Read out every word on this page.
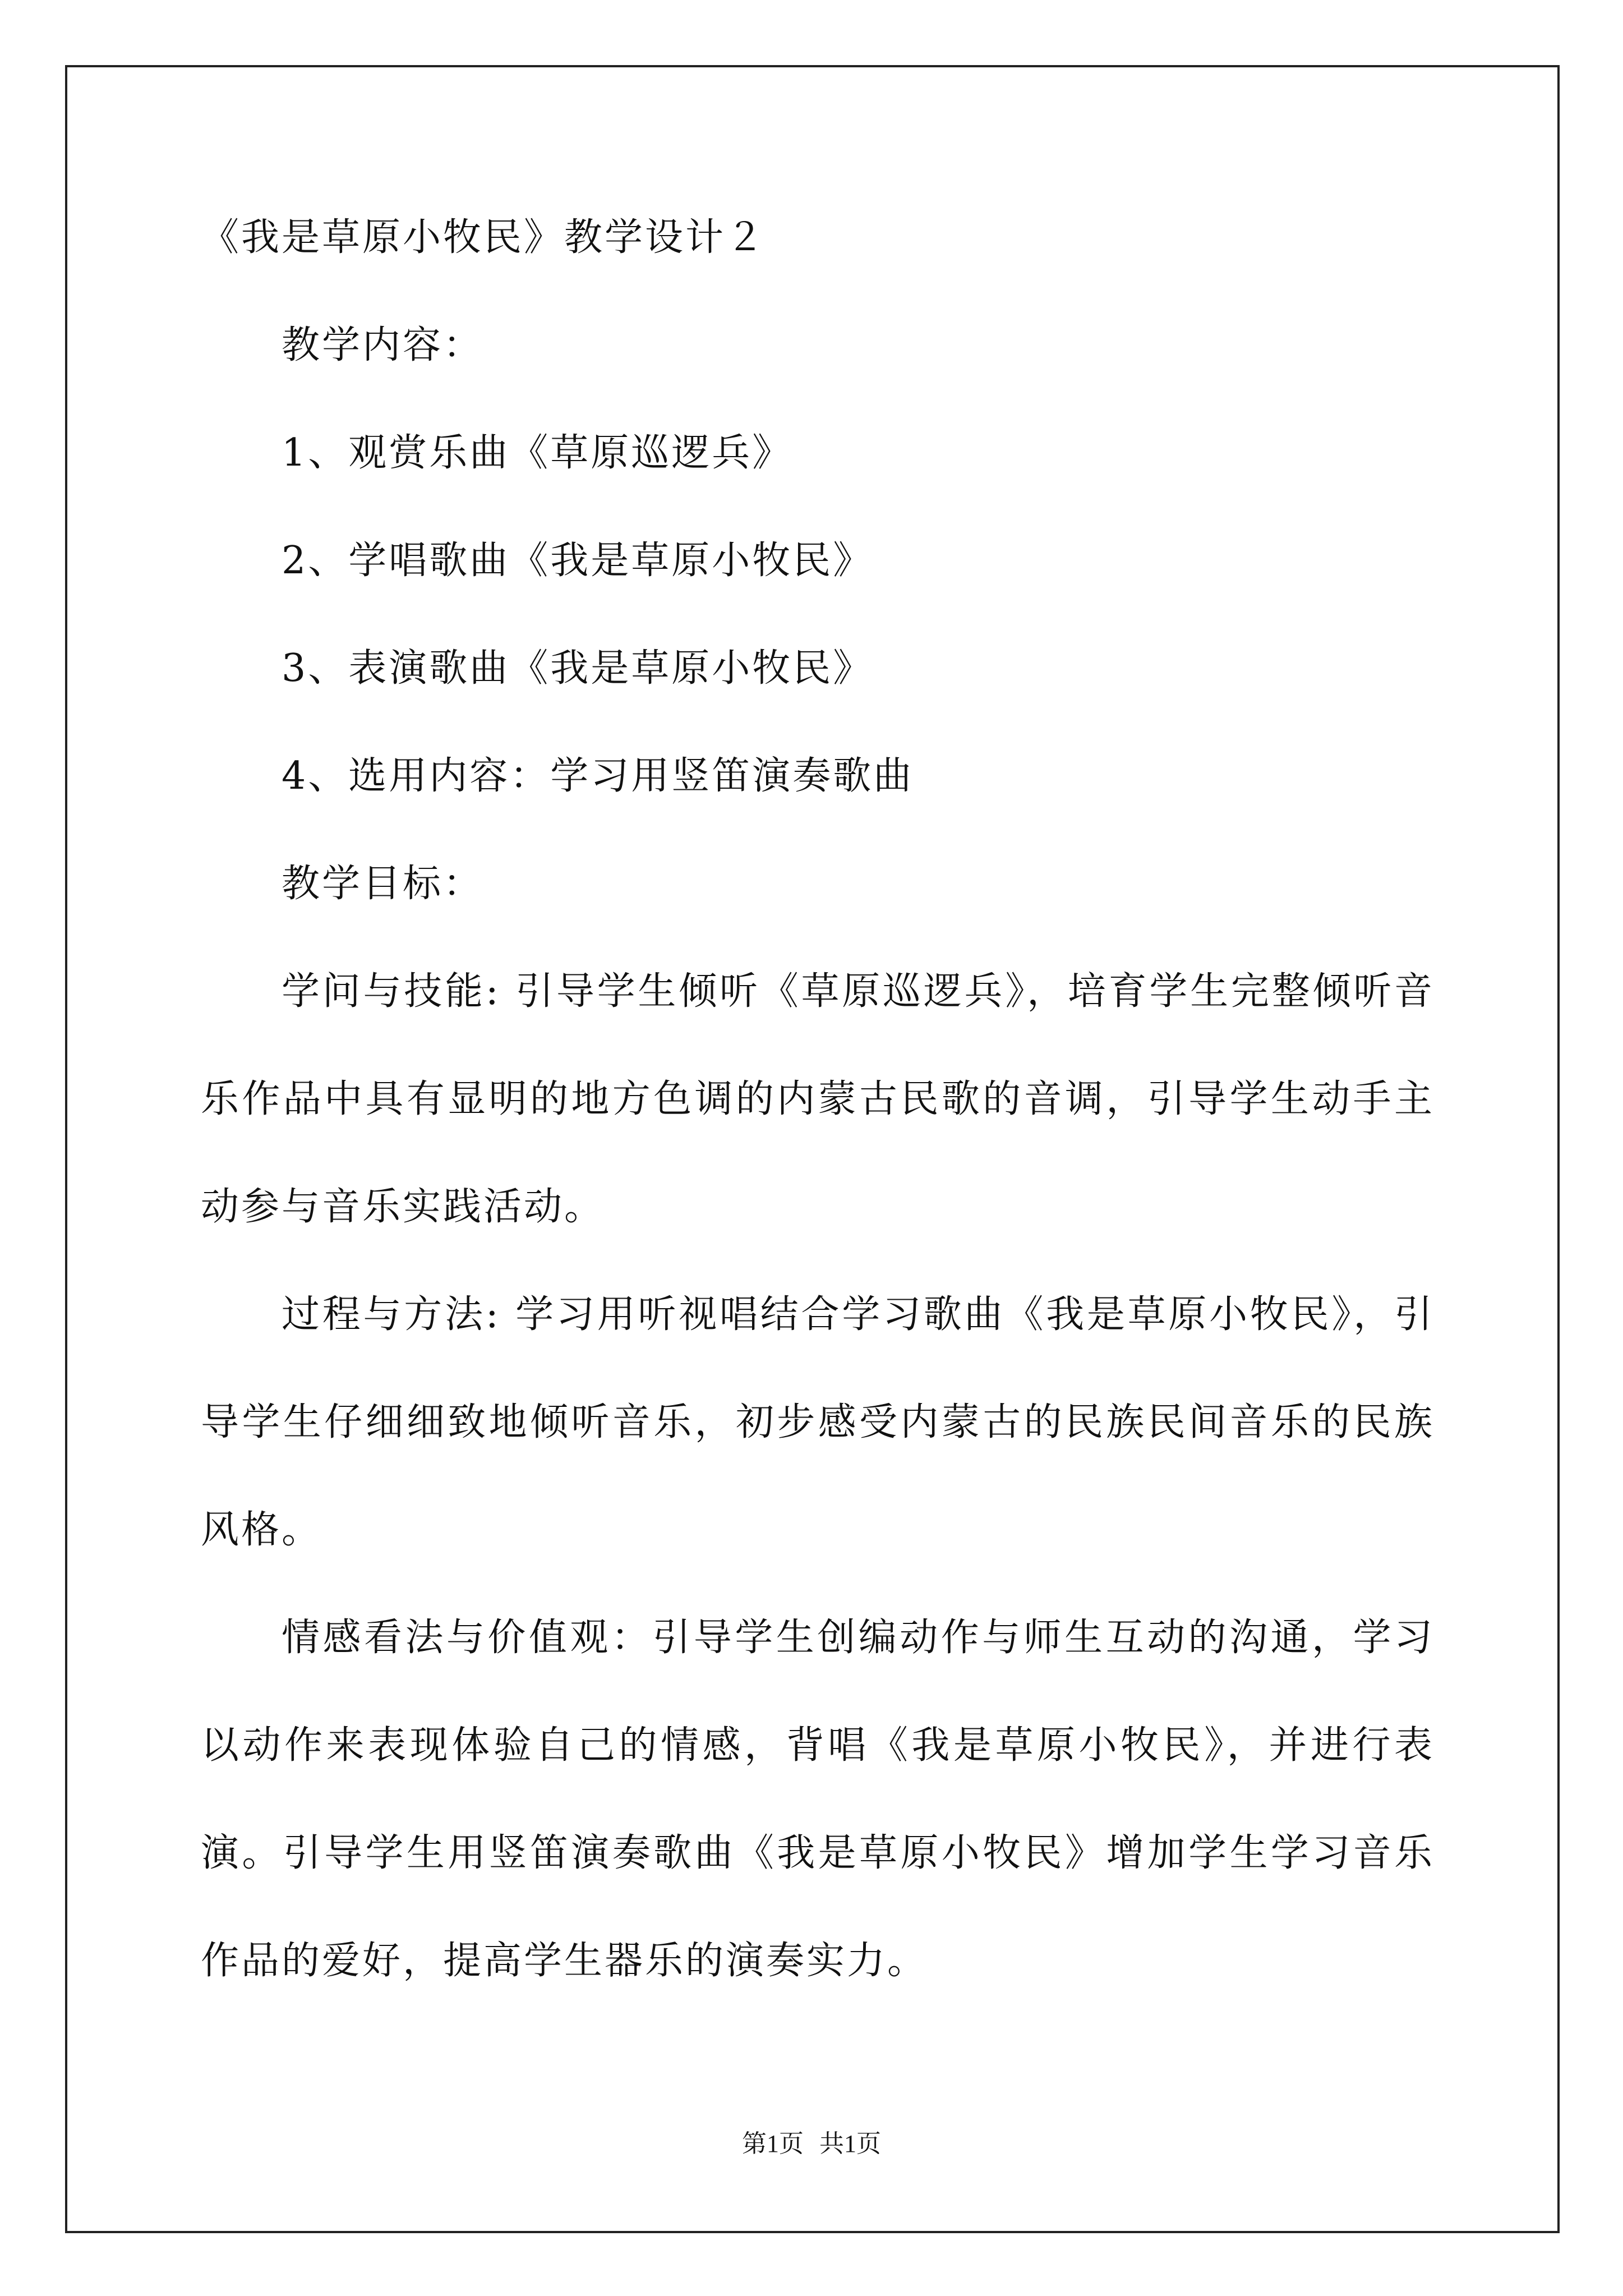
《我是草原小牧民》教学设计２

教学内容：

1、观赏乐曲《草原巡逻兵》

2、学唱歌曲《我是草原小牧民》

3、表演歌曲《我是草原小牧民》

4、选用内容：学习用竖笛演奏歌曲

教学目标：

学问与技能: 引导学生倾听《草原巡逻兵》，培育学生完整倾听音乐作品中具有显明的地方色调的内蒙古民歌的音调，引导学生动手主动参与音乐实践活动。

过程与方法: 学习用听视唱结合学习歌曲《我是草原小牧民》，引导学生仔细细致地倾听音乐，初步感受内蒙古的民族民间音乐的民族风格。

情感看法与价值观：引导学生创编动作与师生互动的沟通，学习以动作来表现体验自己的情感，背唱《我是草原小牧民》，并进行表演。引导学生用竖笛演奏歌曲《我是草原小牧民》增加学生学习音乐作品的爱好，提高学生器乐的演奏实力。

第1页 共1页
